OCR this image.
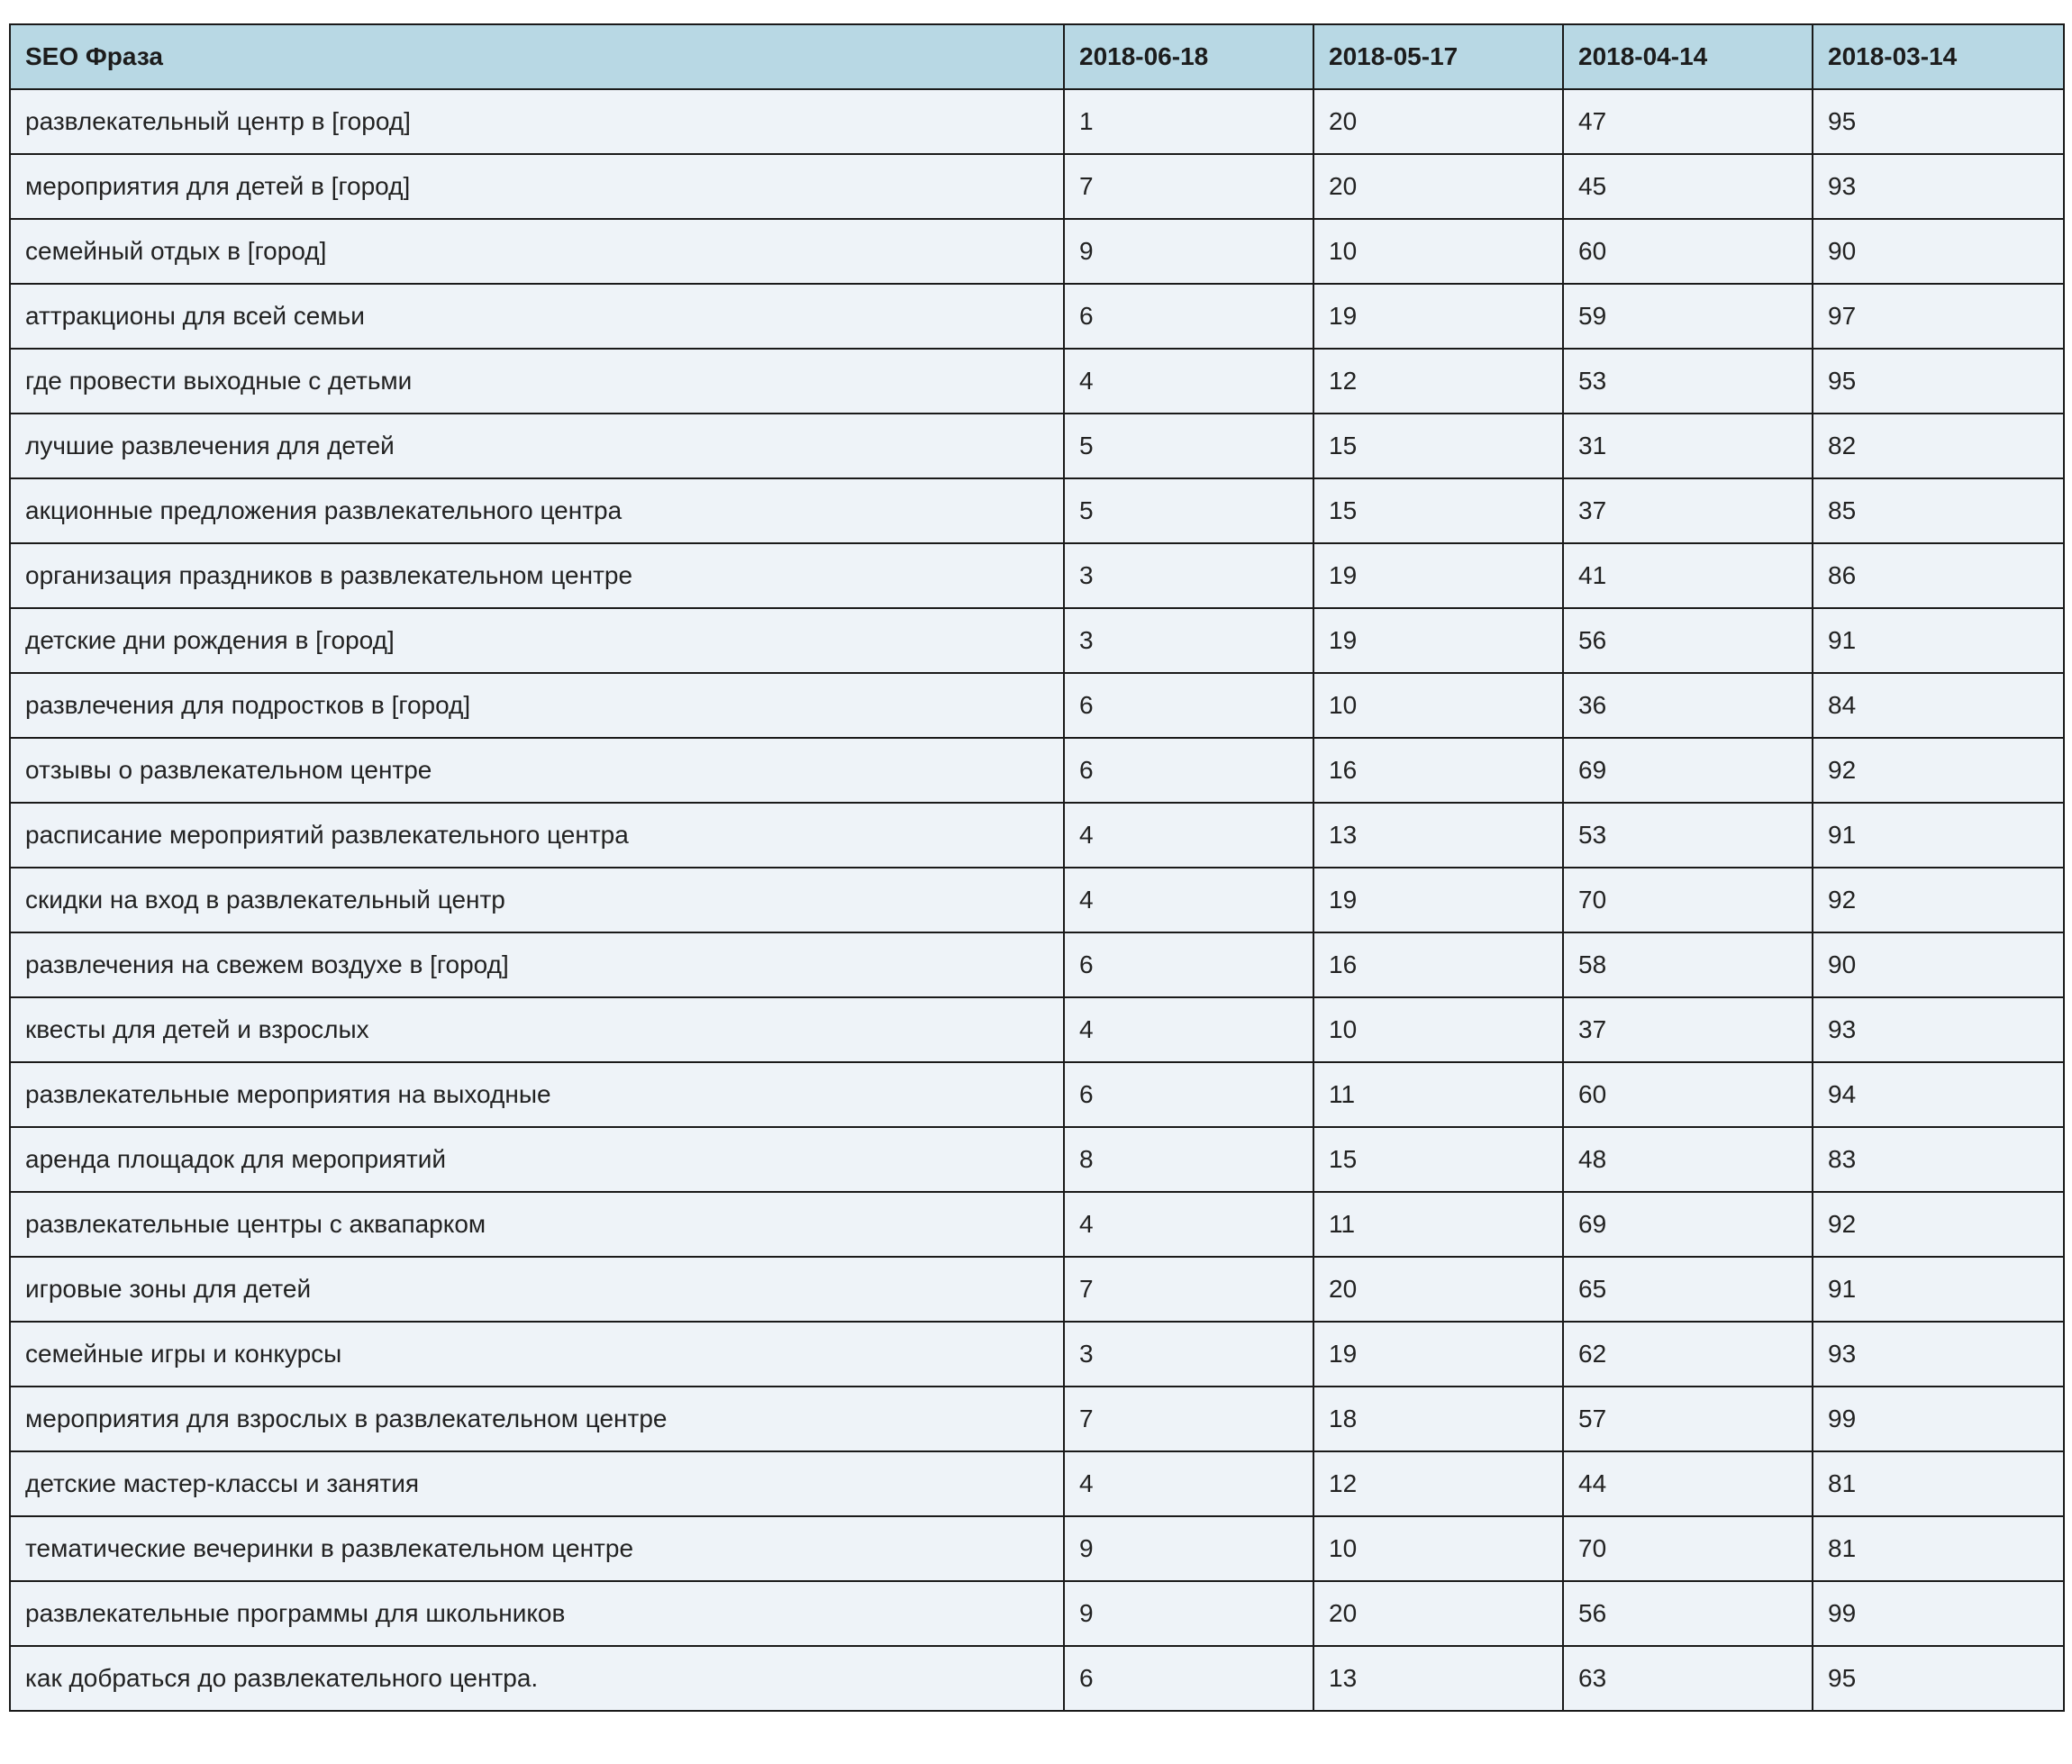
SEO Фраза	2018-06-18	2018-05-17	2018-04-14	2018-03-14
развлекательный центр в [город]	1	20	47	95
мероприятия для детей в [город]	7	20	45	93
семейный отдых в [город]	9	10	60	90
аттракционы для всей семьи	6	19	59	97
где провести выходные с детьми	4	12	53	95
лучшие развлечения для детей	5	15	31	82
акционные предложения развлекательного центра	5	15	37	85
организация праздников в развлекательном центре	3	19	41	86
детские дни рождения в [город]	3	19	56	91
развлечения для подростков в [город]	6	10	36	84
отзывы о развлекательном центре	6	16	69	92
расписание мероприятий развлекательного центра	4	13	53	91
скидки на вход в развлекательный центр	4	19	70	92
развлечения на свежем воздухе в [город]	6	16	58	90
квесты для детей и взрослых	4	10	37	93
развлекательные мероприятия на выходные	6	11	60	94
аренда площадок для мероприятий	8	15	48	83
развлекательные центры с аквапарком	4	11	69	92
игровые зоны для детей	7	20	65	91
семейные игры и конкурсы	3	19	62	93
мероприятия для взрослых в развлекательном центре	7	18	57	99
детские мастер-классы и занятия	4	12	44	81
тематические вечеринки в развлекательном центре	9	10	70	81
развлекательные программы для школьников	9	20	56	99
как добраться до развлекательного центра.	6	13	63	95
